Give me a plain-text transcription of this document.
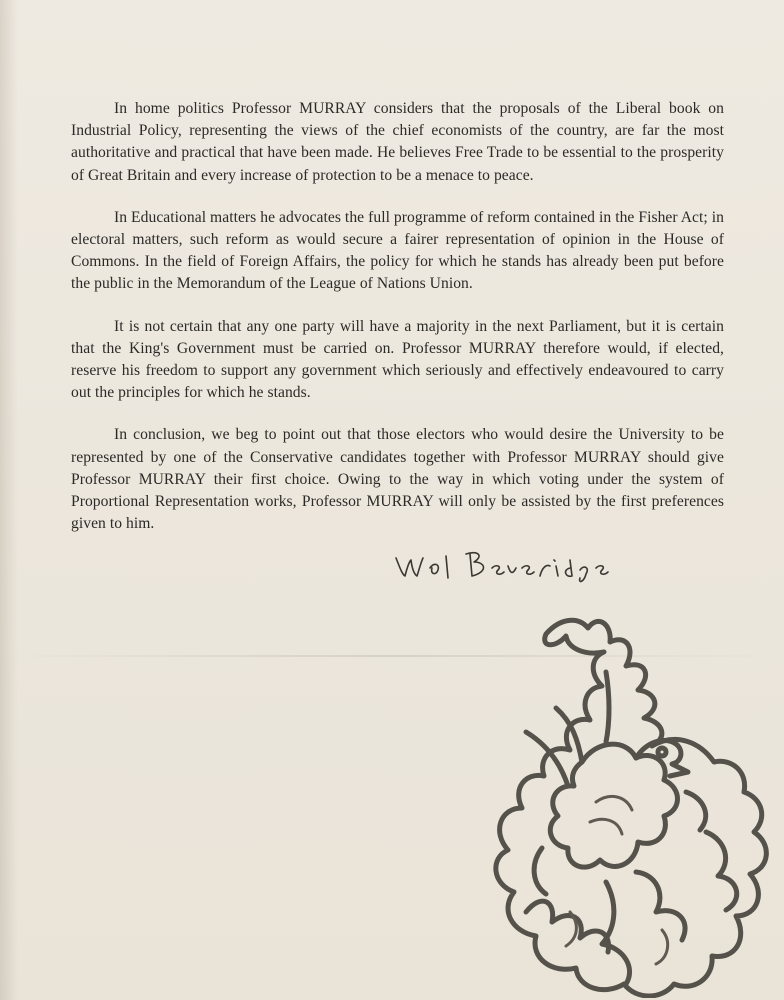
In home politics Professor MURRAY considers that the proposals of the Liberal book on Industrial Policy, representing the views of the chief economists of the country, are far the most authoritative and practical that have been made. He believes Free Trade to be essential to the prosperity of Great Britain and every increase of protection to be a menace to peace.

In Educational matters he advocates the full programme of reform contained in the Fisher Act; in electoral matters, such reform as would secure a fairer representation of opinion in the House of Commons. In the field of Foreign Affairs, the policy for which he stands has already been put before the public in the Memorandum of the League of Nations Union.

It is not certain that any one party will have a majority in the next Parliament, but it is certain that the King's Government must be carried on. Professor MURRAY therefore would, if elected, reserve his freedom to support any government which seriously and effectively endeavoured to carry out the principles for which he stands.

In conclusion, we beg to point out that those electors who would desire the University to be represented by one of the Conservative candidates together with Professor MURRAY should give Professor MURRAY their first choice. Owing to the way in which voting under the system of Proportional Representation works, Professor MURRAY will only be assisted by the first preferences given to him.
